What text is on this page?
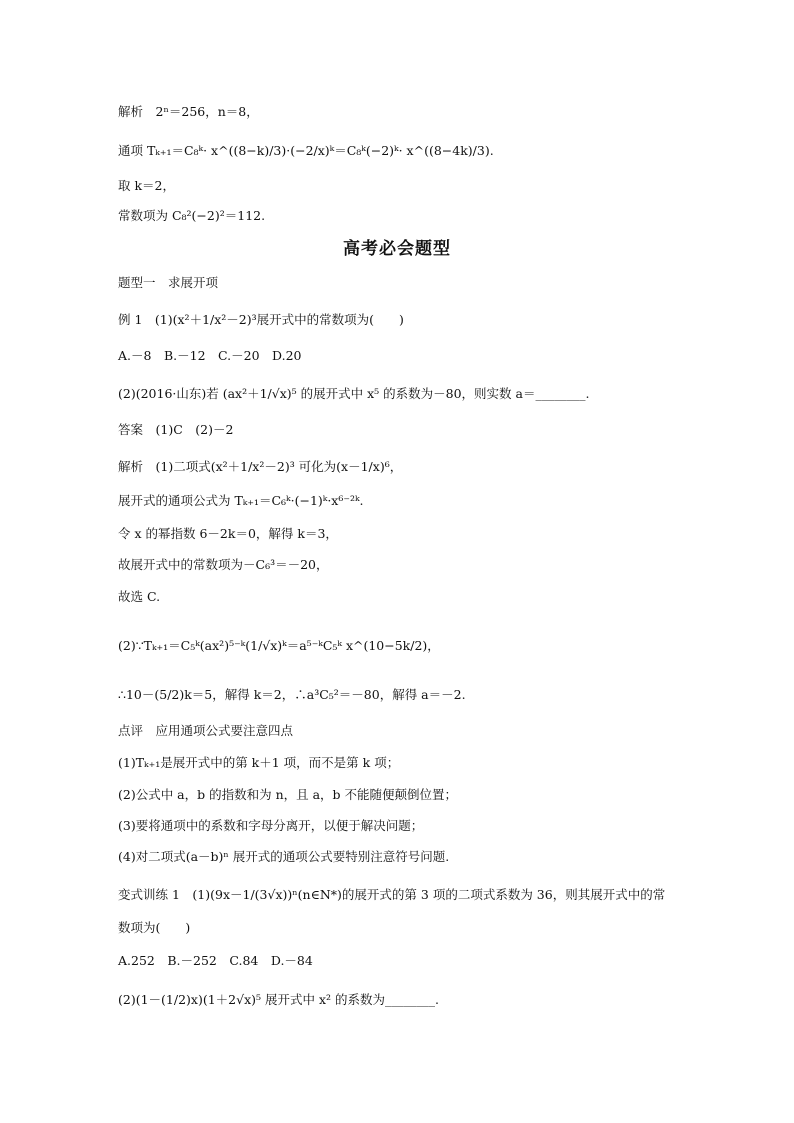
解析　2ⁿ＝256，n＝8，
通项 Tₖ₊₁＝C₈ᵏ· x^((8−k)/3)·(−2/x)ᵏ＝C₈ᵏ(−2)ᵏ· x^((8−4k)/3).
取 k＝2，
常数项为 C₈²(−2)²＝112.
高考必会题型
题型一　求展开项
例 1　(1)(x²＋1/x²－2)³展开式中的常数项为(　　)
A.－8　B.－12　C.－20　D.20
(2)(2016·山东)若 (ax²＋1/√x)⁵ 的展开式中 x⁵ 的系数为－80，则实数 a＝________.
答案　(1)C　(2)－2
解析　(1)二项式(x²＋1/x²－2)³ 可化为(x－1/x)⁶，
展开式的通项公式为 Tₖ₊₁＝C₆ᵏ·(−1)ᵏ·x⁶⁻²ᵏ.
令 x 的幂指数 6－2k＝0，解得 k＝3，
故展开式中的常数项为－C₆³＝－20，
故选 C.
(2)∵Tₖ₊₁＝C₅ᵏ(ax²)⁵⁻ᵏ(1/√x)ᵏ＝a⁵⁻ᵏC₅ᵏ x^(10−5k/2)，
∴10－(5/2)k＝5，解得 k＝2，∴a³C₅²＝－80，解得 a＝－2.
点评　应用通项公式要注意四点
(1)Tₖ₊₁是展开式中的第 k＋1 项，而不是第 k 项；
(2)公式中 a，b 的指数和为 n，且 a，b 不能随便颠倒位置；
(3)要将通项中的系数和字母分离开，以便于解决问题；
(4)对二项式(a－b)ⁿ 展开式的通项公式要特别注意符号问题.
变式训练 1　(1)(9x－1/(3√x))ⁿ(n∈N*)的展开式的第 3 项的二项式系数为 36，则其展开式中的常
数项为(　　)
A.252　B.－252　C.84　D.－84
(2)(1－(1/2)x)(1＋2√x)⁵ 展开式中 x² 的系数为________.
